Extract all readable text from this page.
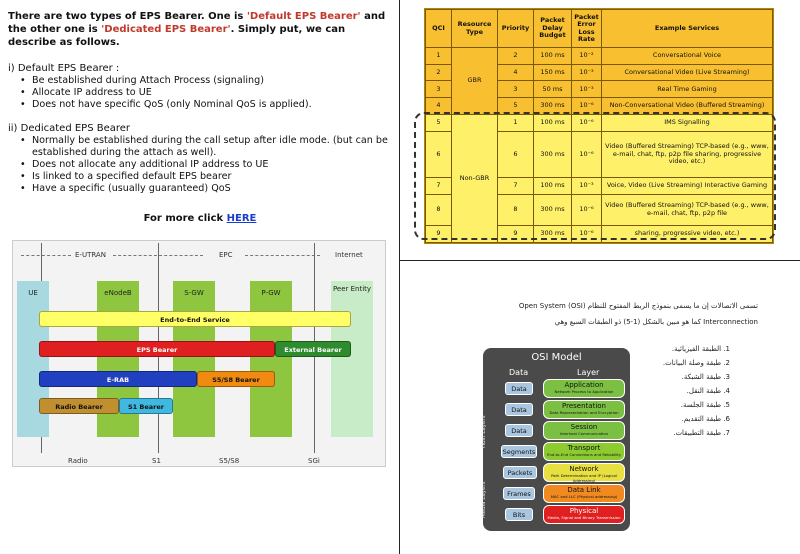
There are two types of EPS Bearer. One is 'Default EPS Bearer' and the other one is 'Dedicated EPS Bearer'. Simply put, we can describe as follows.
i) Default EPS Bearer :
• Be established during Attach Process (signaling)
• Allocate IP address to UE
• Does not have specific QoS (only Nominal QoS is applied).
ii) Dedicated EPS Bearer
• Normally be established during the call setup after idle mode. (but can be established during the attach as well).
• Does not allocate any additional IP address to UE
• Is linked to a specified default EPS bearer
• Have a specific (usually guaranteed) QoS
For more click HERE
E-UTRAN	EPC	Internet
UE	eNodeB	S-GW	P-GW	Peer Entity
End-to-End Service
EPS Bearer	External Bearer
E-RAB	S5/S8 Bearer
Radio Bearer	S1 Bearer
Radio	S1	S5/S8	SGi
QCI	Resource Type	Priority	Packet Delay Budget	Packet Error Loss Rate	Example Services
1	GBR	2	100 ms	10⁻²	Conversational Voice
2		4	150 ms	10⁻³	Conversational Video (Live Streaming)
3		3	50 ms	10⁻³	Real Time Gaming
4		5	300 ms	10⁻⁶	Non-Conversational Video (Buffered Streaming)
5	Non-GBR	1	100 ms	10⁻⁶	IMS Signalling
6		6	300 ms	10⁻⁶	Video (Buffered Streaming) TCP-based (e.g., www, e-mail, chat, ftp, p2p file sharing, progressive video, etc.)
7		7	100 ms	10⁻³	Voice, Video (Live Streaming) Interactive Gaming
8		8	300 ms	10⁻⁶	Video (Buffered Streaming) TCP-based (e.g., www, e-mail, chat, ftp, p2p file
9		9	300 ms	10⁻⁶	sharing, progressive video, etc.)
تسمى الاتصالات إن ما يسمى بنموذج الربط المفتوح للنظام (OSI) Open System
Interconnection كما هو مبين بالشكل (1-5) ذو الطبقات السبع وهي
1. الطبقة الفيزيائية.
2. طبقة وصلة البيانات.
3. طبقة الشبكة.
4. طبقة النقل.
5. طبقة الجلسة.
6. طبقة التقديم.
7. طبقة التطبيقات.
OSI Model
Data	Layer
Host Layers
Media Layers
Data	Application
Network Process to Application
Data	Presentation
Data Representation and Encryption
Data	Session
Interhost Communication
Segments	Transport
End-to-End Connections and Reliability
Packets	Network
Path Determination and IP (Logical Addressing)
Frames	Data Link
MAC and LLC (Physical addressing)
Bits	Physical
Media, Signal and Binary Transmission
